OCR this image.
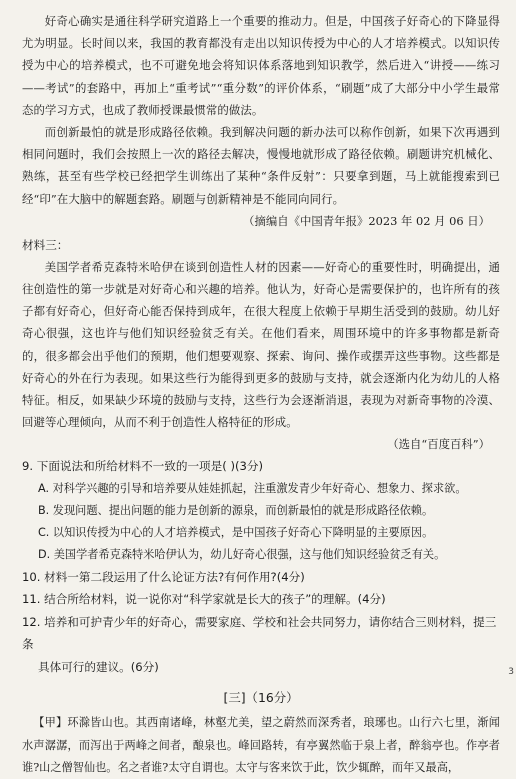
好奇心确实是通往科学研究道路上一个重要的推动力。但是，中国孩子好奇心的下降显得尤为明显。长时间以来，我国的教育都没有走出以知识传授为中心的人才培养模式。以知识传授为中心的培养模式，也不可避免地会将知识体系落地到知识教学，然后进入“讲授——练习——考试”的套路中，再加上“重考试”“重分数”的评价体系，“刷题”成了大部分中小学生最常态的学习方式，也成了教师授课最惯常的做法。

而创新最怕的就是形成路径依赖。我到解决问题的新办法可以称作创新，如果下次再遇到相同问题时，我们会按照上一次的路径去解决，慢慢地就形成了路径依赖。刷题讲究机械化、熟练，甚至有些学校已经把学生训练出了某种“条件反射”：只要拿到题，马上就能搜索到已经“印”在大脑中的解题套路。刷题与创新精神是不能同向同行。

（摘编自《中国青年报》2023 年 02 月 06 日）

材料三：

美国学者希克森特米哈伊在谈到创造性人材的因素——好奇心的重要性时，明确提出，通往创造性的第一步就是对好奇心和兴趣的培养。他认为，好奇心是需要保护的，也许所有的孩子都有好奇心，但好奇心能否保持到成年，在很大程度上依赖于早期生活受到的鼓励。幼儿好奇心很强，这也许与他们知识经验贫乏有关。在他们看来，周围环境中的许多事物都是新奇的，很多都会出乎他们的预期，他们想要观察、探索、询问、操作或摆弄这些事物。这些都是好奇心的外在行为表现。如果这些行为能得到更多的鼓励与支持，就会逐渐内化为幼儿的人格特征。相反，如果缺少环境的鼓励与支持，这些行为会逐渐消退，表现为对新奇事物的冷漠、回避等心理倾向，从而不利于创造性人格特征的形成。

（选自“百度百科”）

9. 下面说法和所给材料不一致的一项是( )(3分)

A. 对科学兴趣的引导和培养要从娃娃抓起，注重激发青少年好奇心、想象力、探求欲。

B. 发现问题、提出问题的能力是创新的源泉，而创新最怕的就是形成路径依赖。

C. 以知识传授为中心的人才培养模式，是中国孩子好奇心下降明显的主要原因。

D. 美国学者希克森特米哈伊认为，幼儿好奇心很强，这与他们知识经验贫乏有关。

10. 材料一第二段运用了什么论证方法?有何作用?(4分)

11. 结合所给材料，说一说你对“科学家就是长大的孩子”的理解。(4分)

12. 培养和可护青少年的好奇心，需要家庭、学校和社会共同努力，请你结合三则材料，提三条

具体可行的建议。(6分)

[三]（16分）

【甲】环滁皆山也。其西南诸峰，林壑尤美，望之蔚然而深秀者，琅琊也。山行六七里，渐闻水声潺潺，而泻出于两峰之间者，酿泉也。峰回路转，有亭翼然临于泉上者，醉翁亭也。作亭者谁?山之僧智仙也。名之者谁?太守自谓也。太守与客来饮于此，饮少辄醉，而年又最高，

3
